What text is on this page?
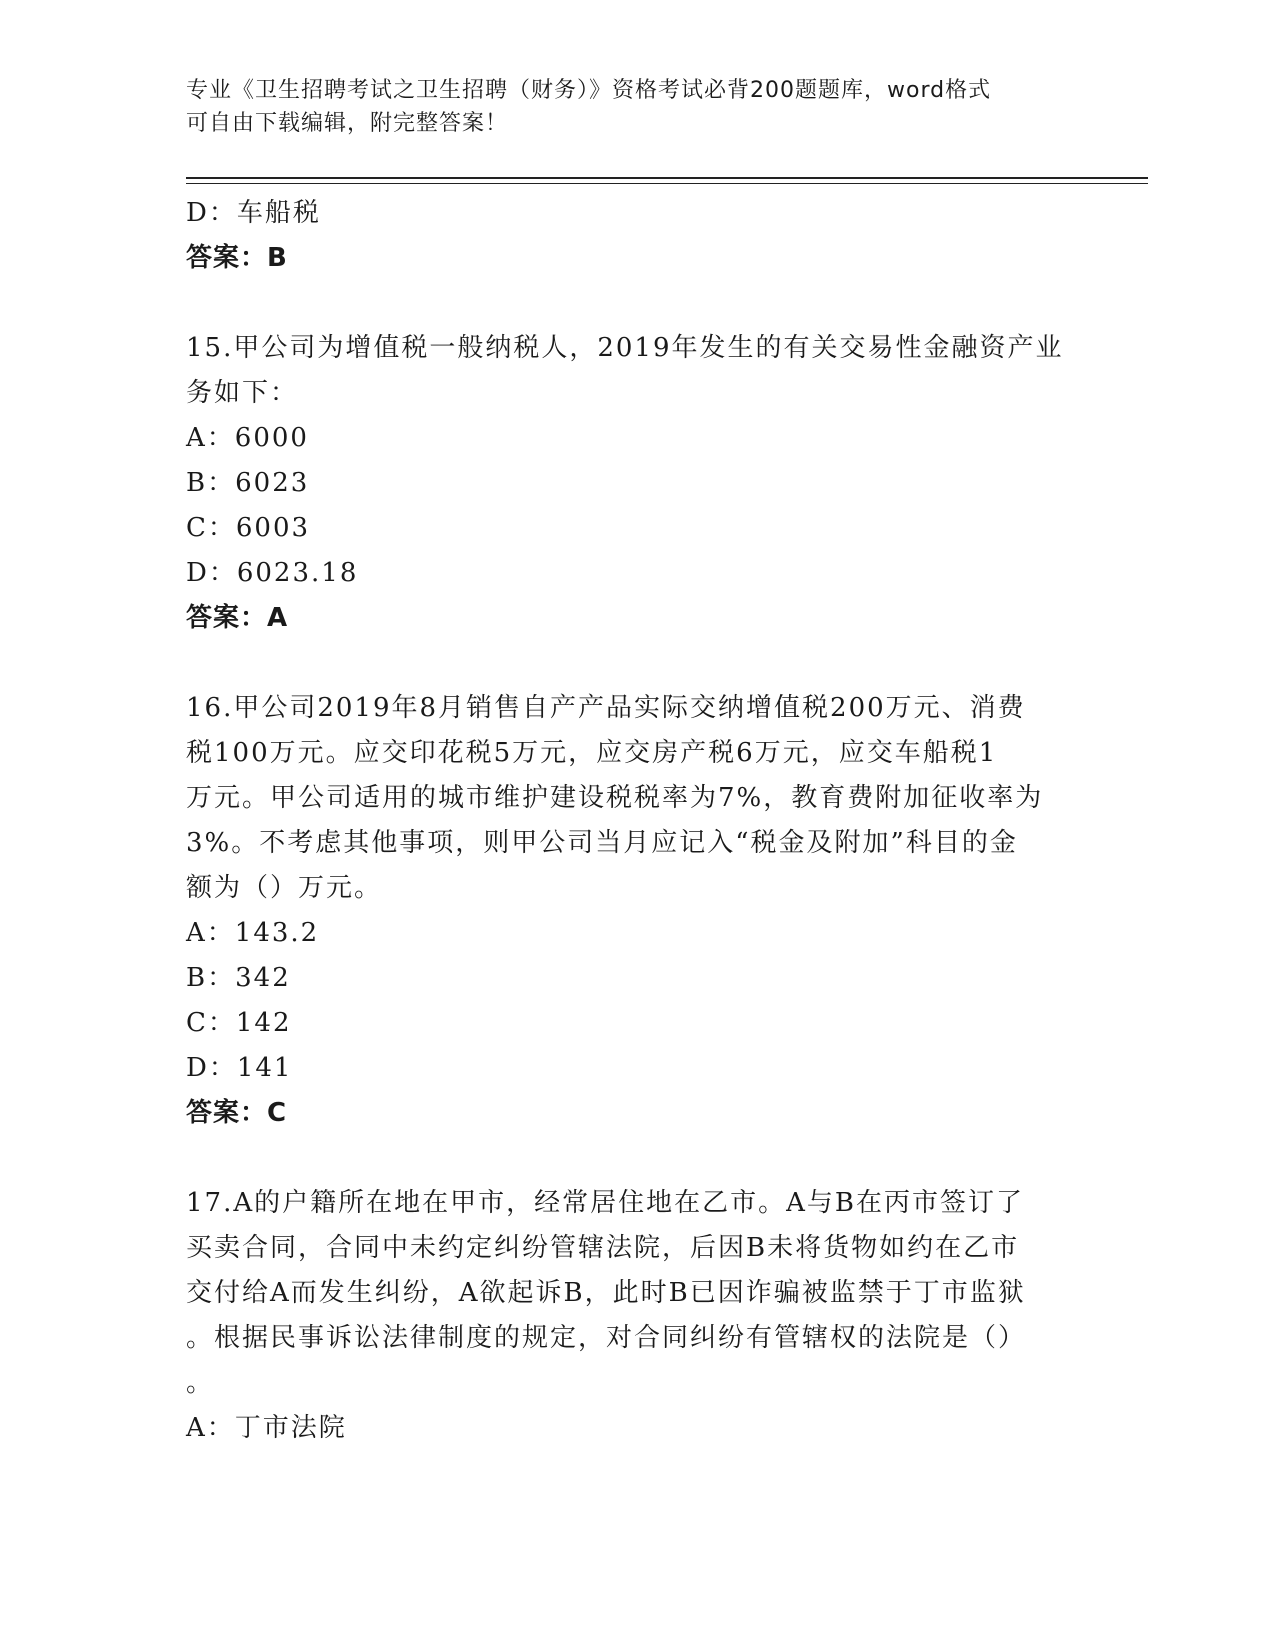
专业《卫生招聘考试之卫生招聘（财务）》资格考试必背200题题库，word格式
可自由下载编辑，附完整答案！
D：车船税
答案：B
15.甲公司为增值税一般纳税人，2019年发生的有关交易性金融资产业
务如下：
A：6000
B：6023
C：6003
D：6023.18
答案：A
16.甲公司2019年8月销售自产产品实际交纳增值税200万元、消费
税100万元。应交印花税5万元，应交房产税6万元，应交车船税1
万元。甲公司适用的城市维护建设税税率为7%，教育费附加征收率为
3%。不考虑其他事项，则甲公司当月应记入“税金及附加”科目的金
额为（）万元。
A：143.2
B：342
C：142
D：141
答案：C
17.A的户籍所在地在甲市，经常居住地在乙市。A与B在丙市签订了
买卖合同，合同中未约定纠纷管辖法院，后因B未将货物如约在乙市
交付给A而发生纠纷，A欲起诉B，此时B已因诈骗被监禁于丁市监狱
。根据民事诉讼法律制度的规定，对合同纠纷有管辖权的法院是（）
。
A：丁市法院
